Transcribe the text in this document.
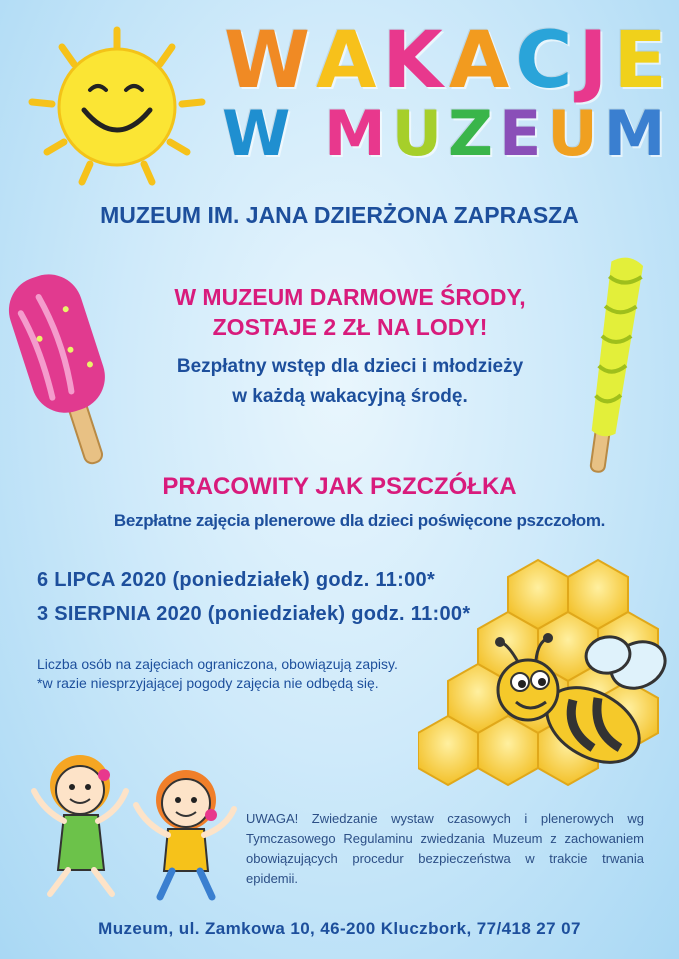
W A K A C J E
W
M U Z E U M
MUZEUM IM. JANA DZIERŻONA ZAPRASZA
W MUZEUM DARMOWE ŚRODY,
ZOSTAJE 2 ZŁ NA LODY!
Bezpłatny wstęp dla dzieci i młodzieży
w każdą wakacyjną środę.
PRACOWITY JAK PSZCZÓŁKA
Bezpłatne zajęcia plenerowe dla dzieci poświęcone pszczołom.
6 LIPCA 2020 (poniedziałek) godz. 11:00*
3 SIERPNIA 2020 (poniedziałek) godz. 11:00*
Liczba osób na zajęciach ograniczona, obowiązują zapisy.
*w razie niesprzyjającej pogody zajęcia nie odbędą się.
UWAGA! Zwiedzanie wystaw czasowych i plenerowych wg Tymczasowego Regulaminu zwiedzania Muzeum z zachowaniem obowiązujących procedur bezpieczeństwa w trakcie trwania epidemii.
Muzeum, ul. Zamkowa 10, 46-200 Kluczbork, 77/418 27 07
